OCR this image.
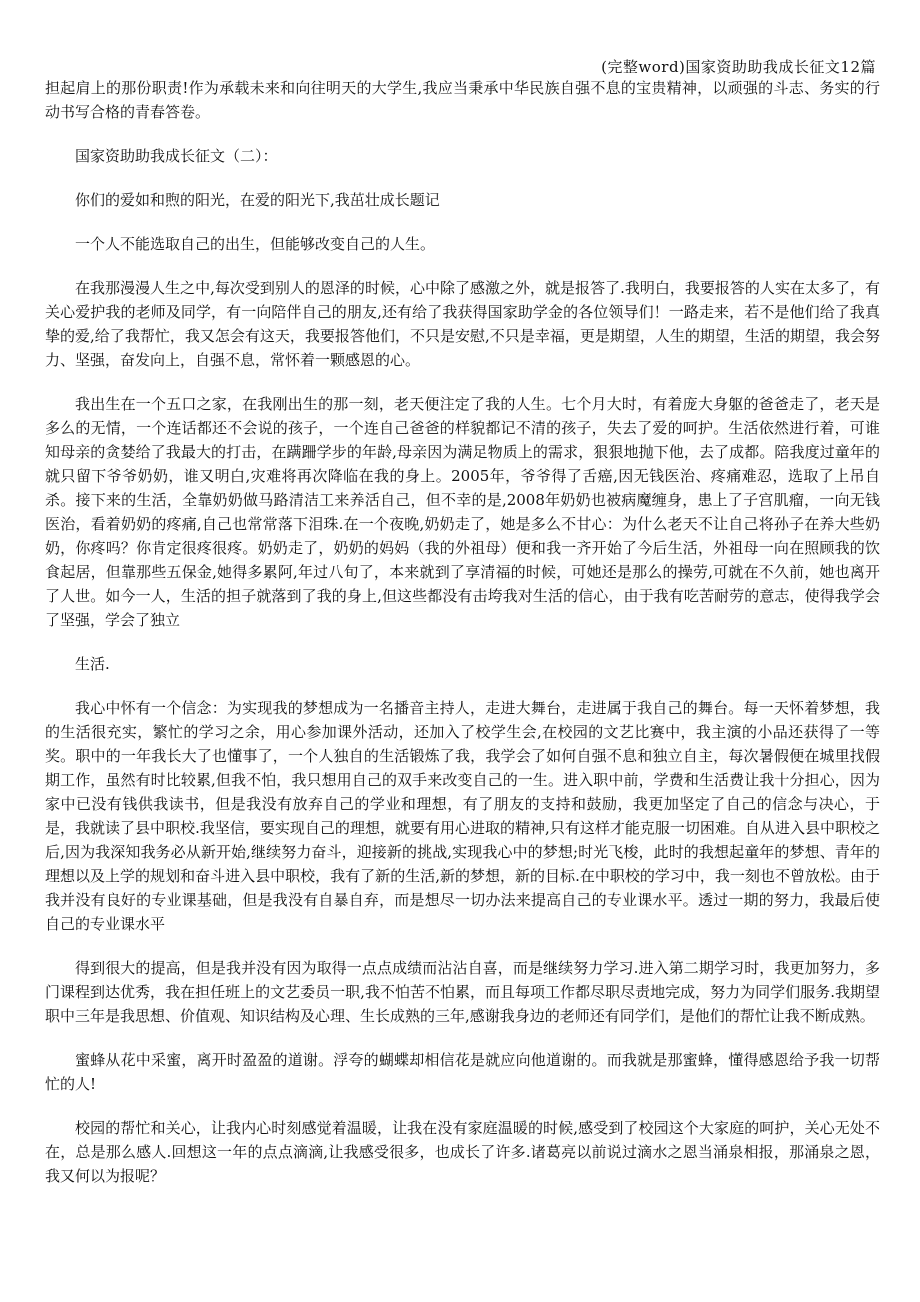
(完整word)国家资助助我成长征文12篇

担起肩上的那份职责!作为承载未来和向往明天的大学生,我应当秉承中华民族自强不息的宝贵精神，以顽强的斗志、务实的行动书写合格的青春答卷。

国家资助助我成长征文（二）：

你们的爱如和煦的阳光，在爱的阳光下,我茁壮成长题记

一个人不能选取自己的出生，但能够改变自己的人生。

在我那漫漫人生之中,每次受到别人的恩泽的时候，心中除了感激之外，就是报答了.我明白，我要报答的人实在太多了，有关心爱护我的老师及同学，有一向陪伴自己的朋友,还有给了我获得国家助学金的各位领导们！一路走来，若不是他们给了我真挚的爱,给了我帮忙，我又怎会有这天，我要报答他们，不只是安慰,不只是幸福，更是期望，人生的期望，生活的期望，我会努力、坚强，奋发向上，自强不息，常怀着一颗感恩的心。

我出生在一个五口之家，在我刚出生的那一刻，老天便注定了我的人生。七个月大时，有着庞大身躯的爸爸走了，老天是多么的无情，一个连话都还不会说的孩子，一个连自己爸爸的样貌都记不清的孩子，失去了爱的呵护。生活依然进行着，可谁知母亲的贪婪给了我最大的打击，在蹒跚学步的年龄,母亲因为满足物质上的需求，狠狠地抛下他，去了成都。陪我度过童年的就只留下爷爷奶奶，谁又明白,灾难将再次降临在我的身上。2005年，爷爷得了舌癌,因无钱医治、疼痛难忍，选取了上吊自杀。接下来的生活，全靠奶奶做马路清洁工来养活自己，但不幸的是,2008年奶奶也被病魔缠身，患上了子宫肌瘤，一向无钱医治，看着奶奶的疼痛,自己也常常落下泪珠.在一个夜晚,奶奶走了，她是多么不甘心：为什么老天不让自己将孙子在养大些奶奶，你疼吗？你肯定很疼很疼。奶奶走了，奶奶的妈妈（我的外祖母）便和我一齐开始了今后生活，外祖母一向在照顾我的饮食起居，但靠那些五保金,她得多累阿,年过八旬了，本来就到了享清福的时候，可她还是那么的操劳,可就在不久前，她也离开了人世。如今一人，生活的担子就落到了我的身上,但这些都没有击垮我对生活的信心，由于我有吃苦耐劳的意志，使得我学会了坚强，学会了独立

生活.

我心中怀有一个信念：为实现我的梦想成为一名播音主持人，走进大舞台，走进属于我自己的舞台。每一天怀着梦想，我的生活很充实，繁忙的学习之余，用心参加课外活动，还加入了校学生会,在校园的文艺比赛中，我主演的小品还获得了一等奖。职中的一年我长大了也懂事了，一个人独自的生活锻炼了我，我学会了如何自强不息和独立自主，每次暑假便在城里找假期工作，虽然有时比较累,但我不怕，我只想用自己的双手来改变自己的一生。进入职中前，学费和生活费让我十分担心，因为家中已没有钱供我读书，但是我没有放弃自己的学业和理想，有了朋友的支持和鼓励，我更加坚定了自己的信念与决心，于是，我就读了县中职校.我坚信，要实现自己的理想，就要有用心进取的精神,只有这样才能克服一切困难。自从进入县中职校之后,因为我深知我务必从新开始,继续努力奋斗，迎接新的挑战,实现我心中的梦想;时光飞梭，此时的我想起童年的梦想、青年的理想以及上学的规划和奋斗进入县中职校，我有了新的生活,新的梦想，新的目标.在中职校的学习中，我一刻也不曾放松。由于我并没有良好的专业课基础，但是我没有自暴自弃，而是想尽一切办法来提高自己的专业课水平。透过一期的努力，我最后使自己的专业课水平

得到很大的提高，但是我并没有因为取得一点点成绩而沾沾自喜，而是继续努力学习.进入第二期学习时，我更加努力，多门课程到达优秀，我在担任班上的文艺委员一职,我不怕苦不怕累，而且每项工作都尽职尽责地完成，努力为同学们服务.我期望职中三年是我思想、价值观、知识结构及心理、生长成熟的三年,感谢我身边的老师还有同学们，是他们的帮忙让我不断成熟。

蜜蜂从花中采蜜，离开时盈盈的道谢。浮夸的蝴蝶却相信花是就应向他道谢的。而我就是那蜜蜂，懂得感恩给予我一切帮忙的人!

校园的帮忙和关心，让我内心时刻感觉着温暖，让我在没有家庭温暖的时候,感受到了校园这个大家庭的呵护，关心无处不在，总是那么感人.回想这一年的点点滴滴,让我感受很多，也成长了许多.诸葛亮以前说过滴水之恩当涌泉相报，那涌泉之恩，我又何以为报呢？
